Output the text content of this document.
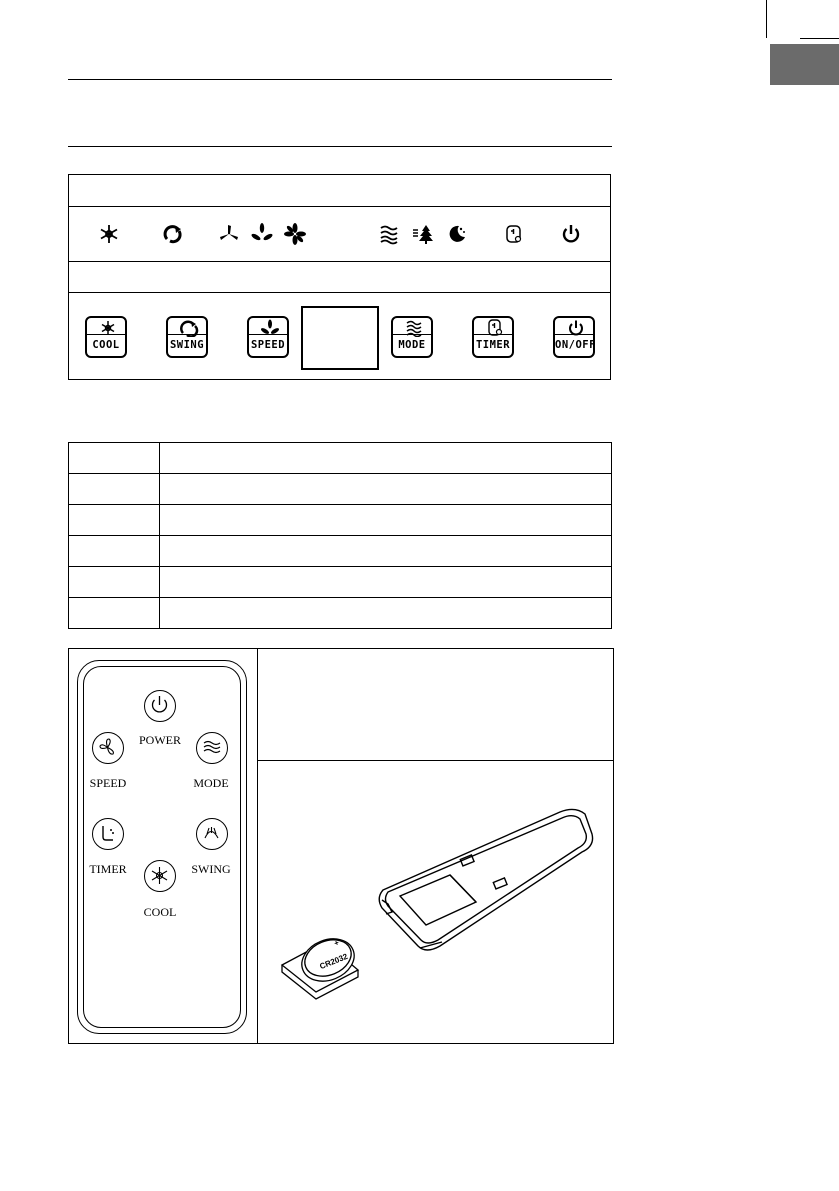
COOL	SWING	SPEED	MODE	TIMER	ON/OFF

POWER
SPEED	MODE
TIMER	SWING
COOL
CR2032
+
